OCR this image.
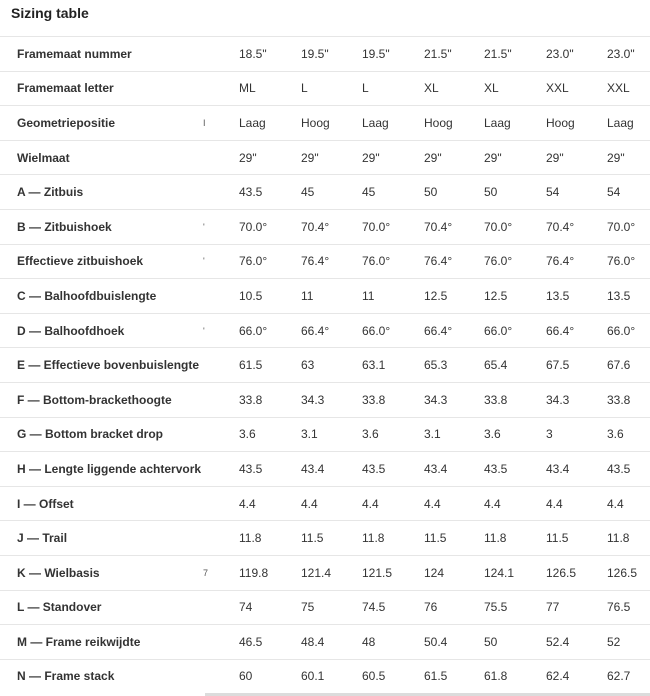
Sizing table
Framemaat nummer	18.5"	19.5"	19.5"	21.5"	21.5"	23.0"	23.0"
Framemaat letter	ML	L	L	XL	XL	XXL	XXL
Geometriepositie	I	Laag	Hoog	Laag	Hoog	Laag	Hoog	Laag
Wielmaat	29"	29"	29"	29"	29"	29"	29"
A — Zitbuis	43.5	45	45	50	50	54	54
B — Zitbuishoek	'	70.0°	70.4°	70.0°	70.4°	70.0°	70.4°	70.0°
Effectieve zitbuishoek	'	76.0°	76.4°	76.0°	76.4°	76.0°	76.4°	76.0°
C — Balhoofdbuislengte	10.5	11	11	12.5	12.5	13.5	13.5
D — Balhoofdhoek	'	66.0°	66.4°	66.0°	66.4°	66.0°	66.4°	66.0°
E — Effectieve bovenbuislengte	61.5	63	63.1	65.3	65.4	67.5	67.6
F — Bottom-brackethoogte	33.8	34.3	33.8	34.3	33.8	34.3	33.8
G — Bottom bracket drop	3.6	3.1	3.6	3.1	3.6	3	3.6
H — Lengte liggende achtervork	43.5	43.4	43.5	43.4	43.5	43.4	43.5
I — Offset	4.4	4.4	4.4	4.4	4.4	4.4	4.4
J — Trail	11.8	11.5	11.8	11.5	11.8	11.5	11.8
K — Wielbasis	7	119.8	121.4	121.5	124	124.1	126.5	126.5
L — Standover	74	75	74.5	76	75.5	77	76.5
M — Frame reikwijdte	46.5	48.4	48	50.4	50	52.4	52
N — Frame stack	60	60.1	60.5	61.5	61.8	62.4	62.7
